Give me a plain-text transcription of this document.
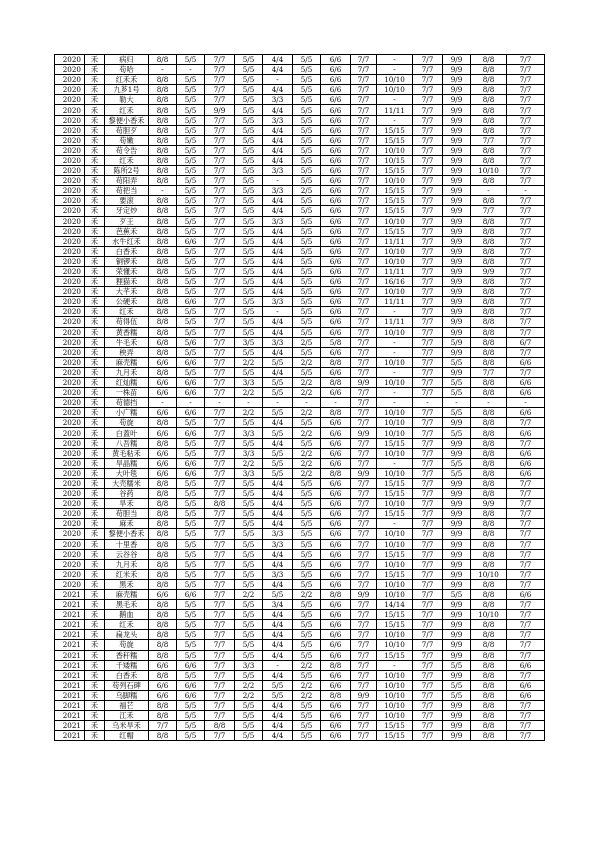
2020	禾	病归	8/8	5/5	7/7	5/5	4/4	5/5	6/6	7/7	-	7/7	9/9	8/8	7/7
2020	禾	苟哈	-	-	7/7	5/5	4/4	5/5	6/6	7/7	-	7/7	9/9	8/8	7/7
2020	禾	红禾禾	8/8	5/5	7/7	5/5	-	5/5	6/6	7/7	10/10	7/7	9/9	8/8	7/7
2020	禾	九芗1号	8/8	5/5	7/7	5/5	4/4	5/5	6/6	7/7	10/10	7/7	9/9	8/8	7/7
2020	禾	勒大	8/8	5/5	7/7	5/5	3/3	5/5	6/6	7/7	-	7/7	9/9	8/8	7/7
2020	禾	红禾	8/8	5/5	9/9	5/5	4/4	5/5	6/6	7/7	11/11	7/7	9/9	8/8	7/7
2020	禾	黎便小香禾	8/8	5/5	7/7	5/5	3/3	5/5	6/6	7/7	-	7/7	9/9	8/8	7/7
2020	禾	苟胆歹	8/8	5/5	7/7	5/5	4/4	5/5	6/6	7/7	15/15	7/7	9/9	8/8	7/7
2020	禾	苟嫩	8/8	5/5	7/7	5/5	4/4	5/5	6/6	7/7	15/15	7/7	9/9	7/7	7/7
2020	禾	苟令告	8/8	5/5	7/7	5/5	4/4	5/5	6/6	7/7	10/10	7/7	9/9	8/8	7/7
2020	禾	红禾	8/8	5/5	7/7	5/5	4/4	5/5	6/6	7/7	10/15	7/7	9/9	8/8	7/7
2020	禾	陈所2号	8/8	5/5	7/7	5/5	3/3	5/5	6/6	7/7	15/15	7/7	9/9	10/10	7/7
2020	禾	苟阳弄	8/8	5/5	7/7	5/5	-	5/5	6/6	7/7	10/10	7/7	9/9	8/8	7/7
2020	禾	苟把当	-	5/5	7/7	5/5	3/3	2/5	6/6	7/7	15/15	7/7	9/9	-	-
2020	禾	要滚	8/8	5/5	7/7	5/5	4/4	5/5	6/6	7/7	15/15	7/7	9/9	8/8	7/7
2020	禾	牙定炒	8/8	5/5	7/7	5/5	4/4	5/5	6/6	7/7	15/15	7/7	9/9	7/7	7/7
2020	禾	歹王	8/8	5/5	7/7	5/5	3/3	5/5	6/6	7/7	10/10	7/7	9/9	8/8	7/7
2020	禾	芭蕉禾	8/8	5/5	7/7	5/5	4/4	5/5	6/6	7/7	15/15	7/7	9/9	8/8	7/7
2020	禾	水牛红禾	8/8	6/6	7/7	5/5	4/4	5/5	6/6	7/7	11/11	7/7	9/9	8/8	7/7
2020	禾	白香禾	8/8	5/5	7/7	5/5	4/4	5/5	6/6	7/7	10/10	7/7	9/9	8/8	7/7
2020	禾	铜锣禾	8/8	5/5	7/7	5/5	4/4	5/5	6/6	7/7	10/10	7/7	9/9	8/8	7/7
2020	禾	荣懂禾	8/8	5/5	7/7	5/5	4/4	5/5	6/6	7/7	11/11	7/7	9/9	9/9	7/7
2020	禾	狸猫禾	8/8	5/5	7/7	5/5	4/4	5/5	6/6	7/7	16/16	7/7	9/9	8/8	7/7
2020	禾	大芊禾	8/8	5/5	7/7	5/5	4/4	5/5	6/6	7/7	10/10	7/7	9/9	8/8	7/7
2020	禾	公硬禾	8/8	6/6	7/7	5/5	3/3	5/5	6/6	7/7	11/11	7/7	9/9	8/8	7/7
2020	禾	红禾	8/8	5/5	7/7	5/5	-	5/5	6/6	7/7	-	7/7	9/9	8/8	7/7
2020	禾	苟得伍	8/8	5/5	7/7	5/5	4/4	5/5	6/6	7/7	11/11	7/7	9/9	8/8	7/7
2020	禾	黄香糯	8/8	5/5	7/7	5/5	4/4	5/5	6/6	7/7	10/10	7/7	9/9	8/8	7/7
2020	禾	牛毛禾	6/8	5/6	7/7	3/5	3/3	2/5	5/8	7/7	-	7/7	5/9	8/8	6/7
2020	禾	秧弄	8/8	5/5	7/7	5/5	4/4	5/5	6/6	7/7	-	7/7	9/9	8/8	7/7
2020	禾	麻壳糯	6/6	6/6	7/7	2/2	5/5	2/2	8/8	7/7	10/10	7/7	5/5	8/8	6/6
2020	禾	九月禾	8/8	5/5	7/7	5/5	4/4	5/5	6/6	7/7	-	7/7	9/9	7/7	7/7
2020	禾	红灿糯	6/6	6/6	7/7	3/3	5/5	2/2	8/8	9/9	10/10	7/7	5/5	8/8	6/6
2020	禾	一株苗	6/6	6/6	7/7	2/2	5/5	2/2	6/6	7/7	-	7/7	5/5	8/8	6/6
2020	禾	苟德挡	-	-	-	-	-	-	-	7/7	-	-	-	-	-
2020	禾	小广糯	6/6	6/6	7/7	2/2	5/5	2/2	8/8	7/7	10/10	7/7	5/5	8/8	6/6
2020	禾	苟旋	8/8	5/5	7/7	5/5	4/4	5/5	6/6	7/7	10/10	7/7	9/9	8/8	7/7
2020	禾	白蓋叶	6/6	6/6	7/7	3/3	5/5	2/2	6/6	9/9	10/10	7/7	5/5	8/8	6/6
2020	禾	八吾糯	8/8	5/5	7/7	5/5	4/4	5/5	6/6	7/7	15/15	7/7	9/9	8/8	7/7
2020	禾	黄毛粘禾	6/6	5/5	7/7	3/3	5/5	2/2	6/6	7/7	10/10	7/7	9/9	8/8	6/6
2020	禾	旱晶糯	6/6	6/6	7/7	2/2	5/5	2/2	6/6	7/7	-	7/7	5/5	8/8	6/6
2020	禾	大叶毯	6/6	6/6	7/7	3/3	5/5	2/2	8/8	9/9	10/10	7/7	5/5	8/8	6/6
2020	禾	大壳糯米	8/8	5/5	7/7	5/5	4/4	5/5	6/6	7/7	15/15	7/7	9/9	8/8	7/7
2020	禾	谷药	8/8	5/5	7/7	5/5	4/4	5/5	6/6	7/7	15/15	7/7	9/9	8/8	7/7
2020	禾	旱禾	8/8	5/5	8/8	5/5	4/4	5/5	6/6	7/7	10/10	7/7	9/9	9/9	7/7
2020	禾	苟胆当	8/8	5/5	7/7	5/5	4/4	5/5	6/6	7/7	15/15	7/7	9/9	8/8	7/7
2020	禾	麻禾	8/8	5/5	7/7	5/5	4/4	5/5	6/6	7/7	-	7/7	9/9	8/8	7/7
2020	禾	黎便小香禾	8/8	5/5	7/7	5/5	3/3	5/5	6/6	7/7	10/10	7/7	9/9	8/8	7/7
2020	禾	十里香	8/8	5/5	7/7	5/5	3/3	5/5	6/6	7/7	10/10	7/7	9/9	8/8	7/7
2020	禾	云谷谷	8/8	5/5	7/7	5/5	4/4	5/5	6/6	7/7	15/15	7/7	9/9	8/8	7/7
2020	禾	九月禾	8/8	5/5	7/7	5/5	4/4	5/5	6/6	7/7	10/10	7/7	9/9	8/8	7/7
2020	禾	红米禾	8/8	5/5	7/7	5/5	3/3	5/5	6/6	7/7	15/15	7/7	9/9	10/10	7/7
2020	禾	黑禾	8/8	5/5	7/7	5/5	4/4	5/5	6/6	7/7	10/10	7/7	9/9	8/8	7/7
2021	禾	麻壳糯	6/6	6/6	7/7	2/2	5/5	2/2	8/8	9/9	10/10	7/7	5/5	8/8	6/6
2021	禾	黑毛禾	8/8	5/5	7/7	5/5	3/4	5/5	6/6	7/7	14/14	7/7	9/9	8/8	7/7
2021	禾	鹅血	8/8	5/5	7/7	5/5	4/4	5/5	6/6	7/7	15/15	7/7	9/9	10/10	7/7
2021	禾	红禾	8/8	5/5	7/7	5/5	4/4	5/5	6/6	7/7	15/15	7/7	9/9	8/8	7/7
2021	禾	扁龙头	8/8	5/5	7/7	5/5	4/4	5/5	6/6	7/7	10/10	7/7	9/9	8/8	7/7
2021	禾	苟旋	8/8	5/5	7/7	5/5	4/4	5/5	6/6	7/7	10/10	7/7	9/9	8/8	7/7
2021	禾	香秆糯	8/8	5/5	7/7	5/5	4/4	5/5	6/6	7/7	15/15	7/7	9/9	8/8	7/7
2021	禾	千矮糯	6/6	6/6	7/7	3/3	-	2/2	8/8	7/7	-	7/7	5/5	8/8	6/6
2021	禾	白香禾	8/8	5/5	7/7	5/5	4/4	5/5	6/6	7/7	10/10	7/7	9/9	8/8	7/7
2021	禾	苟列石碑	6/6	6/6	7/7	2/2	5/5	2/2	6/6	7/7	10/10	7/7	5/5	8/8	6/6
2021	禾	乌脚糯	6/6	6/6	7/7	2/2	5/5	2/2	8/8	9/9	10/10	7/7	5/5	8/8	6/6
2021	禾	福芒	8/8	5/5	7/7	5/5	4/4	5/5	6/6	7/7	10/10	7/7	9/9	8/8	7/7
2021	禾	江禾	8/8	5/5	7/7	5/5	4/4	5/5	6/6	7/7	10/10	7/7	9/9	8/8	7/7
2021	禾	乌米旱禾	7/7	5/5	8/8	5/5	4/4	5/5	6/6	7/7	15/15	7/7	9/9	8/8	7/7
2021	禾	红帽	8/8	5/5	7/7	5/5	4/4	5/5	6/6	7/7	15/15	7/7	9/9	8/8	7/7
